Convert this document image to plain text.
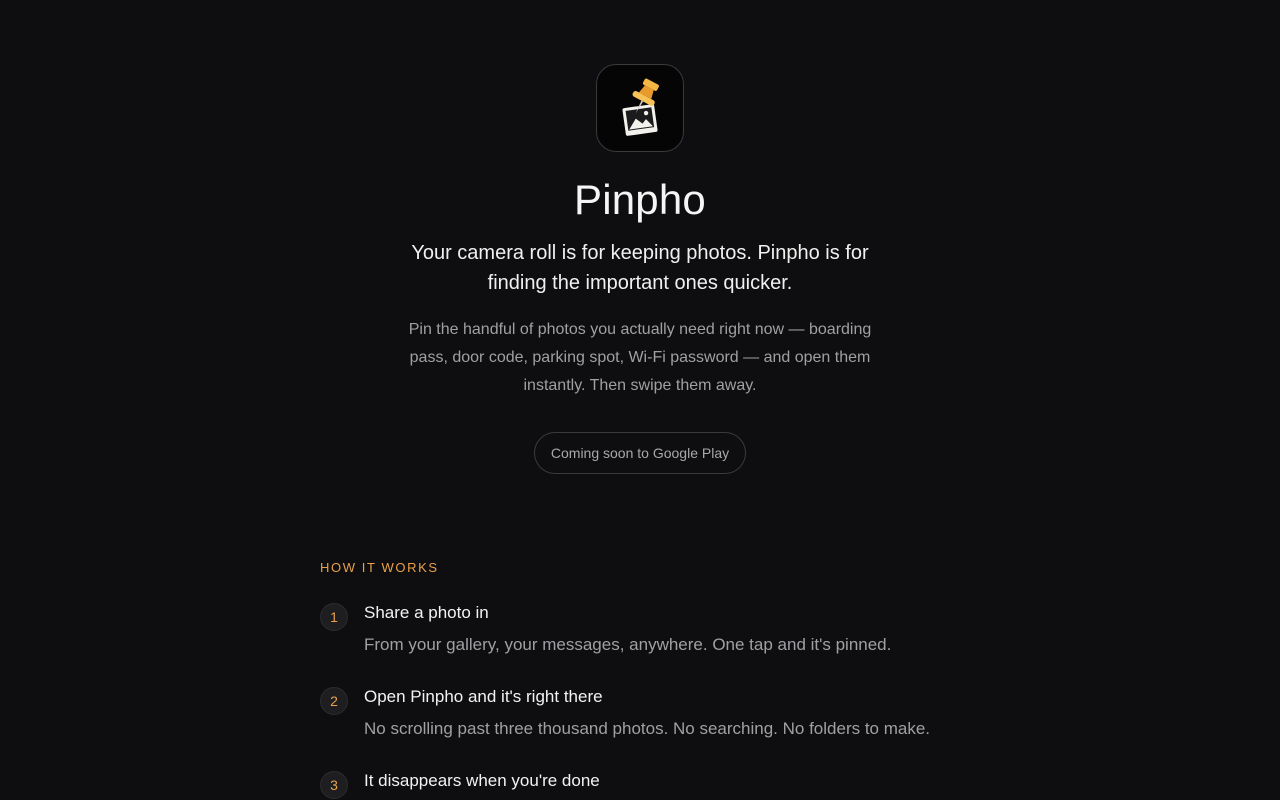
Pinpho
Your camera roll is for keeping photos. Pinpho is for finding the important ones quicker.
Pin the handful of photos you actually need right now — boarding pass, door code, parking spot, Wi-Fi password — and open them instantly. Then swipe them away.
Coming soon to Google Play
HOW IT WORKS
1	Share a photo in
From your gallery, your messages, anywhere. One tap and it's pinned.
2	Open Pinpho and it's right there
No scrolling past three thousand photos. No searching. No folders to make.
3	It disappears when you're done
